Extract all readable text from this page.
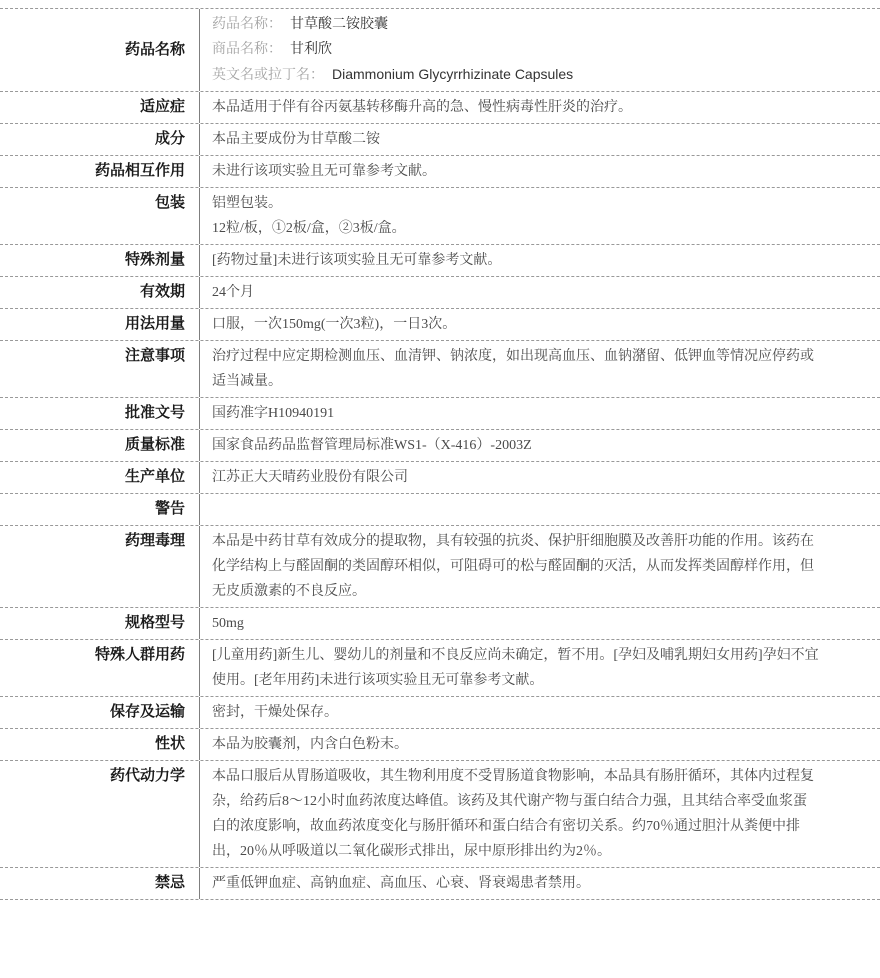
药品名称
药品名称： 甘草酸二铵胶囊
商品名称： 甘利欣
英文名或拉丁名： Diammonium Glycyrrhizinate Capsules
适应症	本品适用于伴有谷丙氨基转移酶升高的急、慢性病毒性肝炎的治疗。
成分	本品主要成份为甘草酸二铵
药品相互作用	未进行该项实验且无可靠参考文献。
包装	铝塑包装。
12粒/板，①2板/盒，②3板/盒。
特殊剂量	[药物过量]未进行该项实验且无可靠参考文献。
有效期	24个月
用法用量	口服，一次150mg(一次3粒)，一日3次。
注意事项	治疗过程中应定期检测血压、血清钾、钠浓度，如出现高血压、血钠潴留、低钾血等情况应停药或适当减量。
批准文号	国药准字H10940191
质量标准	国家食品药品监督管理局标准WS1-（X-416）-2003Z
生产单位	江苏正大天晴药业股份有限公司
警告
药理毒理	本品是中药甘草有效成分的提取物，具有较强的抗炎、保护肝细胞膜及改善肝功能的作用。该药在化学结构上与醛固酮的类固醇环相似，可阻碍可的松与醛固酮的灭活，从而发挥类固醇样作用，但无皮质激素的不良反应。
规格型号	50mg
特殊人群用药	[儿童用药]新生儿、婴幼儿的剂量和不良反应尚未确定，暂不用。[孕妇及哺乳期妇女用药]孕妇不宜使用。[老年用药]未进行该项实验且无可靠参考文献。
保存及运输	密封，干燥处保存。
性状	本品为胶囊剂，内含白色粉末。
药代动力学	本品口服后从胃肠道吸收，其生物利用度不受胃肠道食物影响，本品具有肠肝循环，其体内过程复杂，给药后8～12小时血药浓度达峰值。该药及其代谢产物与蛋白结合力强，且其结合率受血浆蛋白的浓度影响，故血药浓度变化与肠肝循环和蛋白结合有密切关系。约70％通过胆汁从粪便中排出，20％从呼吸道以二氧化碳形式排出，尿中原形排出约为2％。
禁忌	严重低钾血症、高钠血症、高血压、心衰、肾衰竭患者禁用。
